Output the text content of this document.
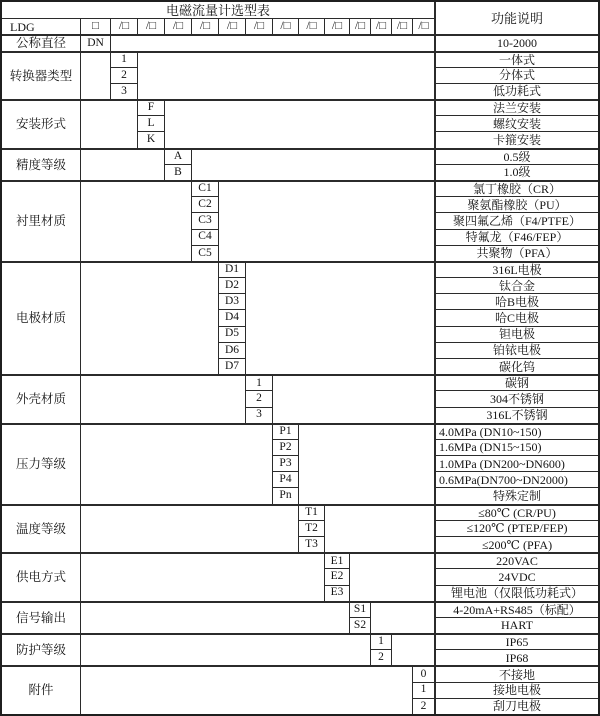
电磁流量计选型表
功能说明
LDG	□	/□	/□	/□	/□	/□	/□	/□	/□	/□	/□ /□ /□ /□
公称直径	DN	10-2000
转换器类型
1	一体式
2	分体式
3	低功耗式
安装形式
F	法兰安装
L	螺纹安装
K	卡箍安装
精度等级
A	0.5级
B	1.0级
衬里材质
C1	氯丁橡胶（CR）
C2	聚氨酯橡胶（PU）
C3	聚四氟乙烯（F4/PTFE）
C4	特氟龙（F46/FEP）
C5	共聚物（PFA）
电极材质
D1	316L电极
D2	钛合金
D3	哈B电极
D4	哈C电极
D5	钽电极
D6	铂铱电极
D7	碳化钨
外壳材质
1	碳钢
2	304不锈钢
3	316L不锈钢
压力等级
P1	4.0MPa (DN10~150)
P2	1.6MPa (DN15~150)
P3	1.0MPa (DN200~DN600)
P4	0.6MPa(DN700~DN2000)
Pn	特殊定制
温度等级
T1	≤80℃ (CR/PU)
T2	≤120℃ (PTEP/FEP)
T3	≤200℃ (PFA)
供电方式
E1	220VAC
E2	24VDC
E3	锂电池（仅限低功耗式）
信号输出
S1	4-20mA+RS485（标配）
S2	HART
防护等级
1	IP65
2	IP68
附件
0	不接地
1	接地电极
2	刮刀电极
